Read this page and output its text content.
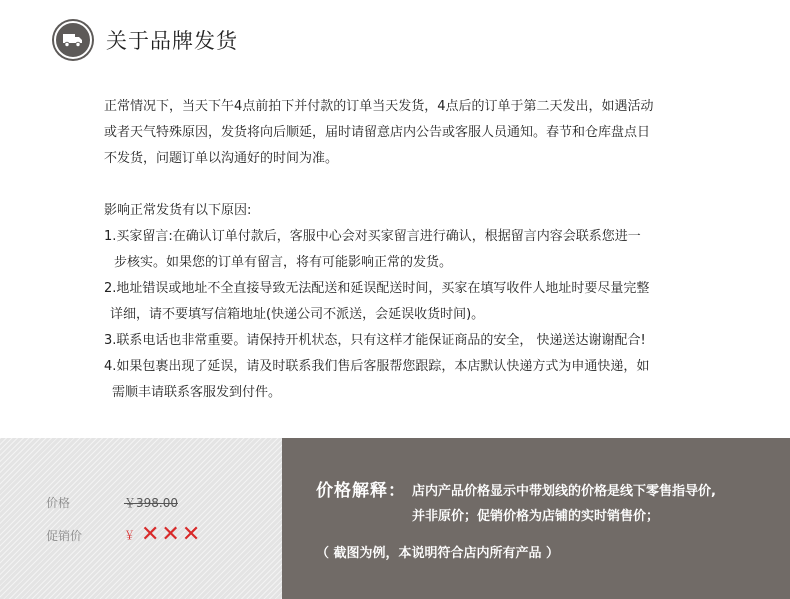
关于品牌发货

正常情况下，当天下午4点前拍下并付款的订单当天发货，4点后的订单于第二天发出，如遇活动

或者天气特殊原因，发货将向后顺延，届时请留意店内公告或客服人员通知。春节和仓库盘点日

不发货，问题订单以沟通好的时间为准。

影响正常发货有以下原因:

1.买家留言:在确认订单付款后，客服中心会对买家留言进行确认，根据留言内容会联系您进一

步核实。如果您的订单有留言，将有可能影响正常的发货。

2.地址错误或地址不全直接导致无法配送和延误配送时间，买家在填写收件人地址时要尽量完整

详细，请不要填写信箱地址(快递公司不派送，会延误收货时间)。

3.联系电话也非常重要。请保持开机状态，只有这样才能保证商品的安全， 快递送达谢谢配合!

4.如果包裹出现了延误，请及时联系我们售后客服帮您跟踪，本店默认快递方式为申通快递，如

需顺丰请联系客服发到付件。

价格	￥398.00
促销价	￥ ✕✕✕
价格解释： 店内产品价格显示中带划线的价格是线下零售指导价,
并非原价；促销价格为店铺的实时销售价；
（ 截图为例，本说明符合店内所有产品 ）
